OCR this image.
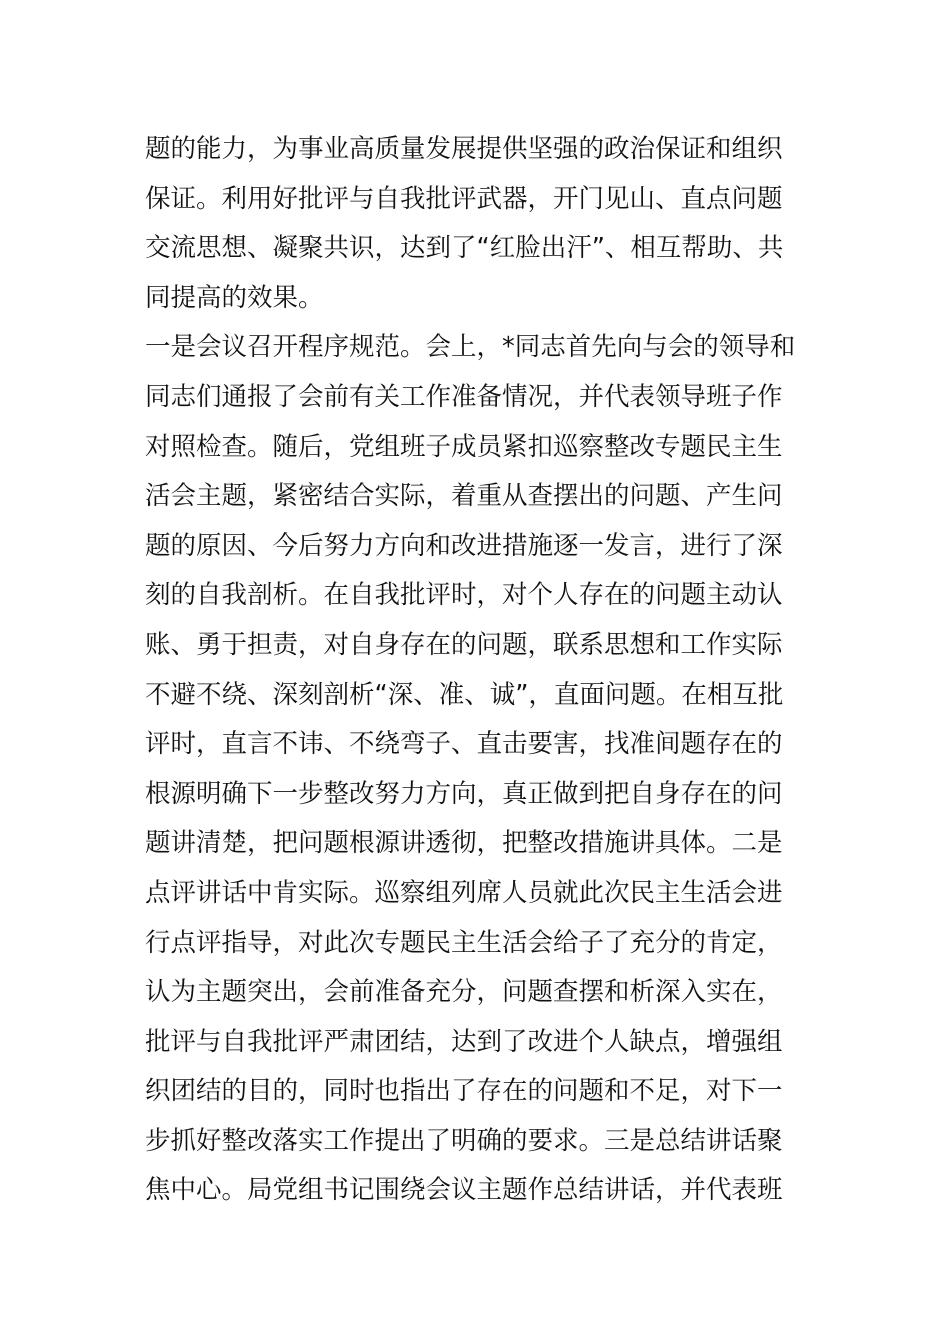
题的能力，为事业高质量发展提供坚强的政治保证和组织
保证。利用好批评与自我批评武器，开门见山、直点问题
交流思想、凝聚共识，达到了“红脸出汗”、相互帮助、共
同提高的效果。
一是会议召开程序规范。会上，*同志首先向与会的领导和
同志们通报了会前有关工作准备情况，并代表领导班子作
对照检查。随后，党组班子成员紧扣巡察整改专题民主生
活会主题，紧密结合实际，着重从查摆出的问题、产生问
题的原因、今后努力方向和改进措施逐一发言，进行了深
刻的自我剖析。在自我批评时，对个人存在的问题主动认
账、勇于担责，对自身存在的问题，联系思想和工作实际
不避不绕、深刻剖析“深、准、诚”，直面问题。在相互批
评时，直言不讳、不绕弯子、直击要害，找准间题存在的
根源明确下一步整改努力方向，真正做到把自身存在的问
题讲清楚，把问题根源讲透彻，把整改措施讲具体。二是
点评讲话中肯实际。巡察组列席人员就此次民主生活会进
行点评指导，对此次专题民主生活会给子了充分的肯定，
认为主题突出，会前准备充分，问题查摆和析深入实在，
批评与自我批评严肃团结，达到了改进个人缺点，增强组
织团结的目的，同时也指出了存在的问题和不足，对下一
步抓好整改落实工作提出了明确的要求。三是总结讲话聚
焦中心。局党组书记围绕会议主题作总结讲话，并代表班
